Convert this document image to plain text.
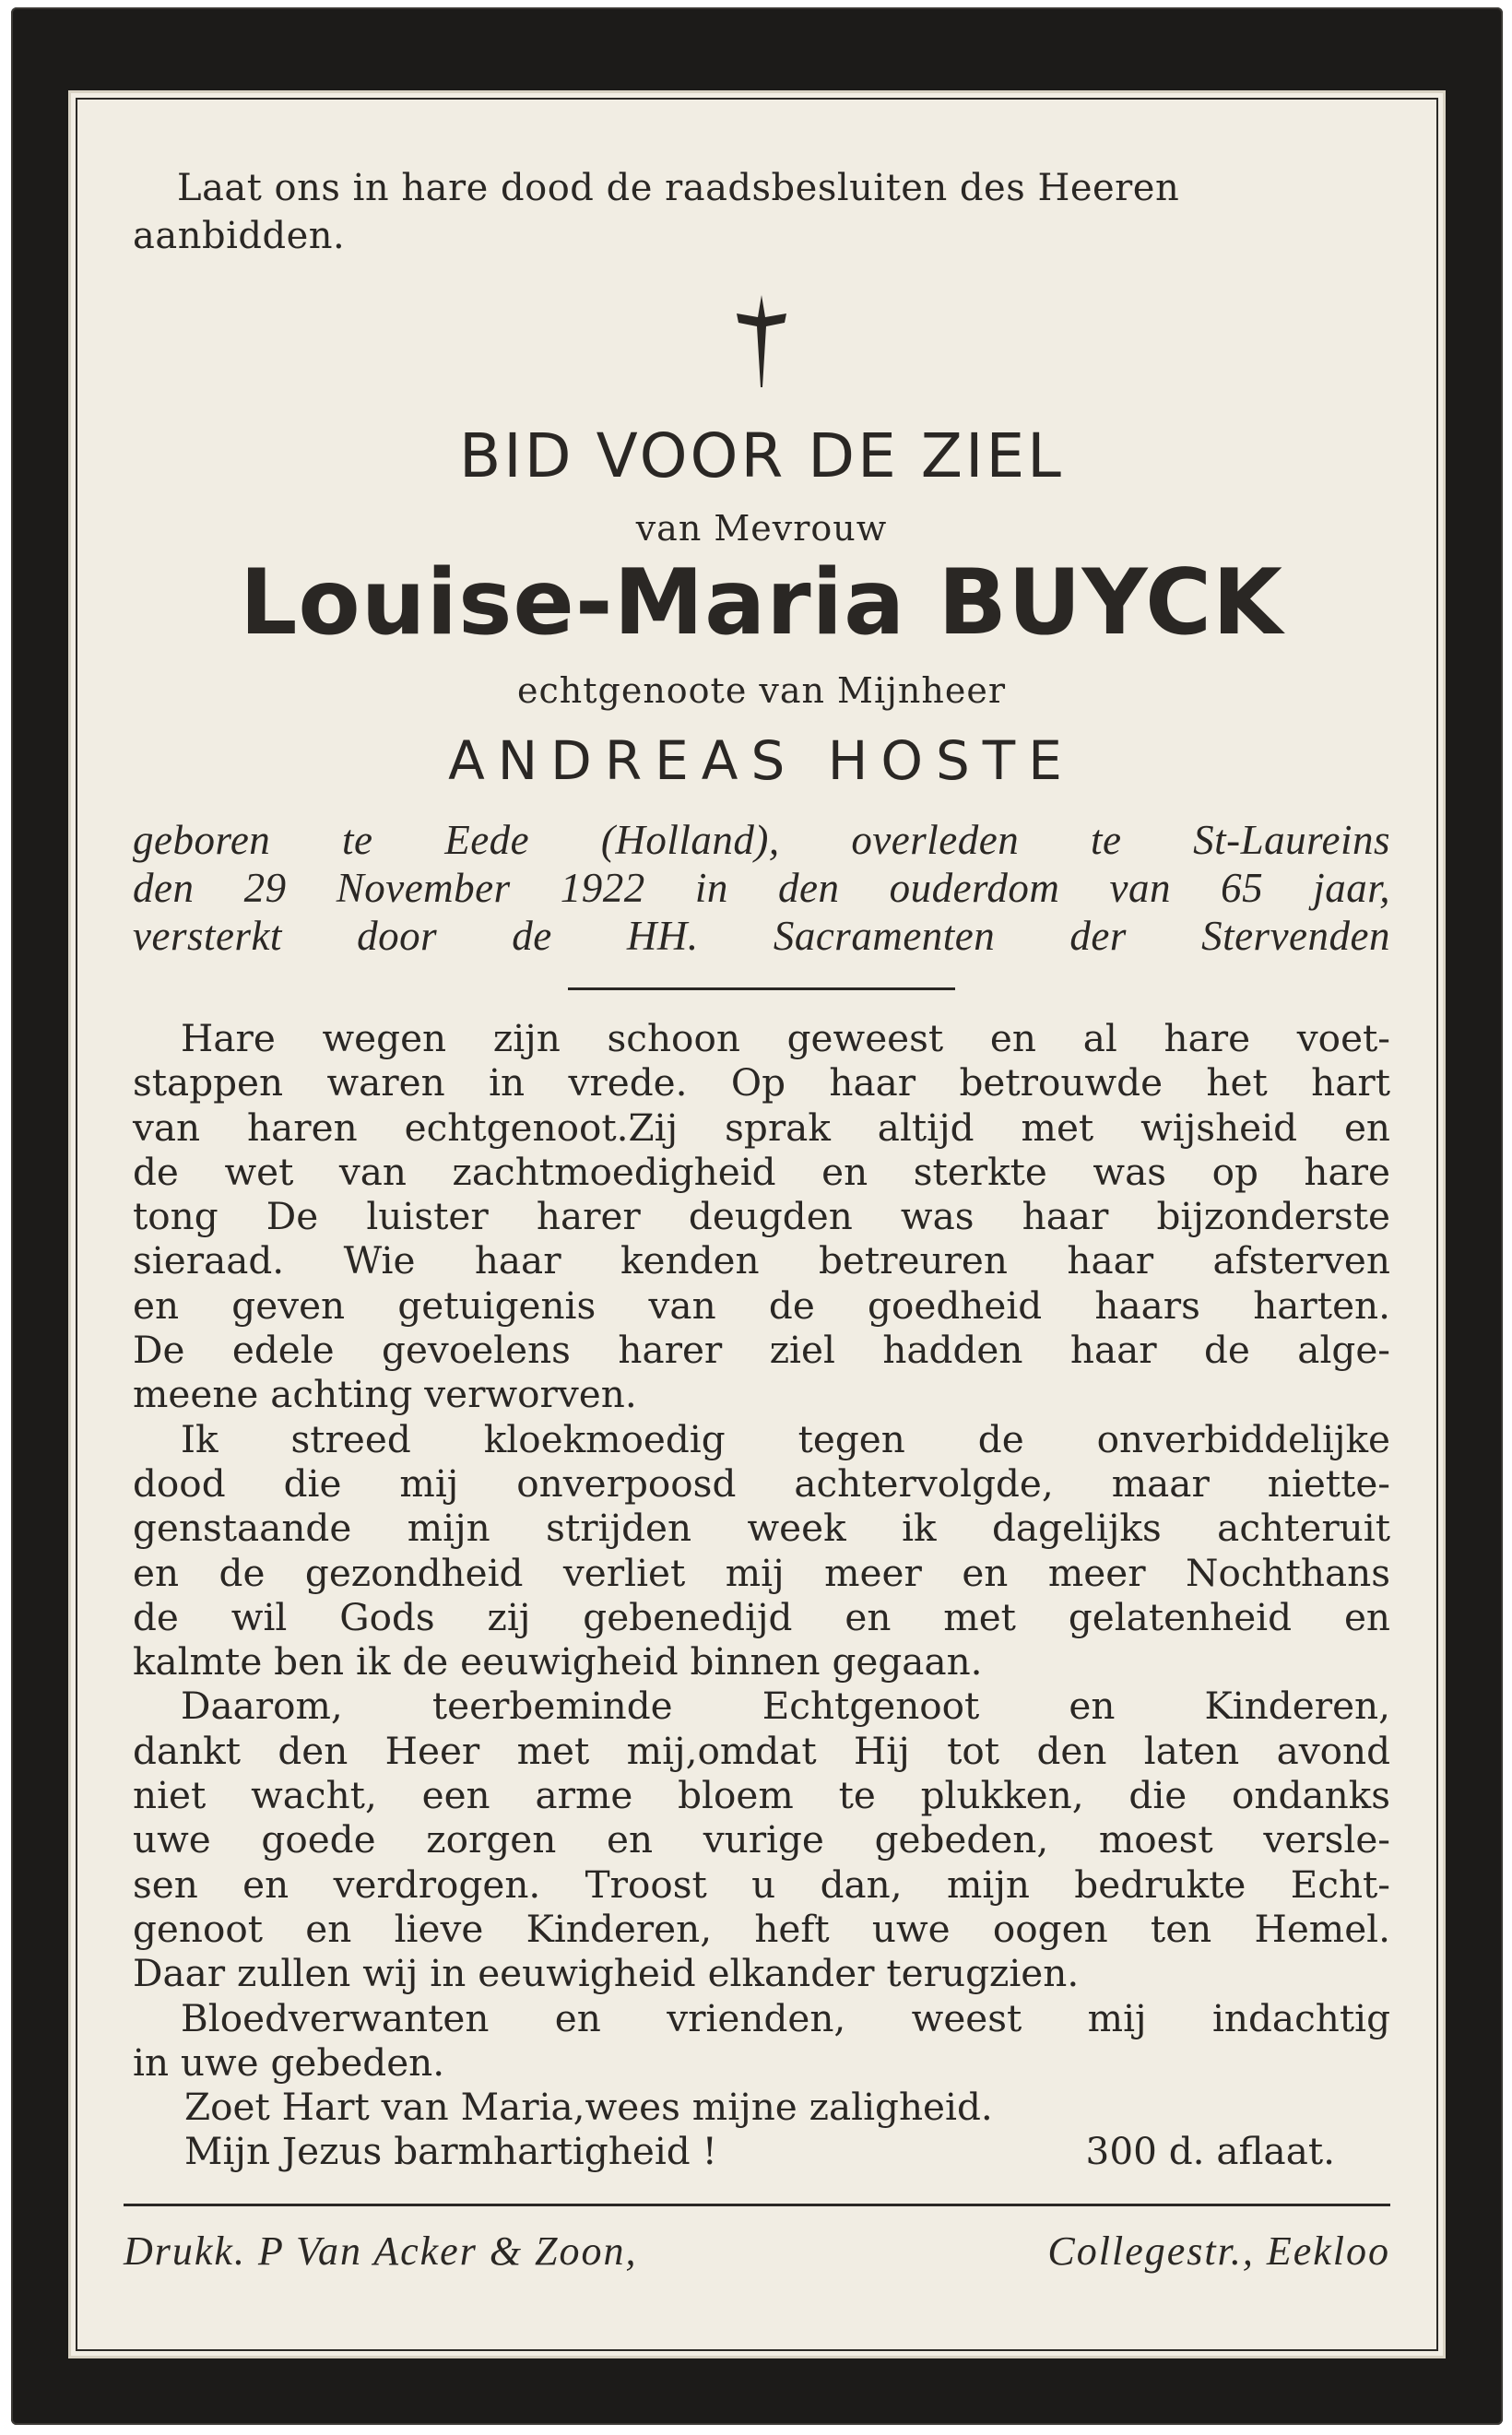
Laat ons in hare dood de raadsbesluiten des Heeren
aanbidden.

BID VOOR DE ZIEL
van Mevrouw
Louise-Maria BUYCK
echtgenoote van Mijnheer
ANDREAS HOSTE
geboren te Eede (Holland), overleden te St-Laureins
den 29 November 1922 in den ouderdom van 65 jaar,
versterkt door de HH. Sacramenten der Stervenden
Hare wegen zijn schoon geweest en al hare voet-
stappen waren in vrede. Op haar betrouwde het hart
van haren echtgenoot.Zij sprak altijd met wijsheid en
de wet van zachtmoedigheid en sterkte was op hare
tong De luister harer deugden was haar bijzonderste
sieraad. Wie haar kenden betreuren haar afsterven
en geven getuigenis van de goedheid haars harten.
De edele gevoelens harer ziel hadden haar de alge-
meene achting verworven.
Ik streed kloekmoedig tegen de onverbiddelijke
dood die mij onverpoosd achtervolgde, maar niette-
genstaande mijn strijden week ik dagelijks achteruit
en de gezondheid verliet mij meer en meer Nochthans
de wil Gods zij gebenedijd en met gelatenheid en
kalmte ben ik de eeuwigheid binnen gegaan.
Daarom, teerbeminde Echtgenoot en Kinderen,
dankt den Heer met mij,omdat Hij tot den laten avond
niet wacht, een arme bloem te plukken, die ondanks
uwe goede zorgen en vurige gebeden, moest versle-
sen en verdrogen. Troost u dan, mijn bedrukte Echt-
genoot en lieve Kinderen, heft uwe oogen ten Hemel.
Daar zullen wij in eeuwigheid elkander terugzien.
Bloedverwanten en vrienden, weest mij indachtig
in uwe gebeden.
Zoet Hart van Maria,wees mijne zaligheid.
Mijn Jezus barmhartigheid !	300 d. aflaat.
Drukk. P Van Acker & Zoon,	Collegestr., Eekloo
